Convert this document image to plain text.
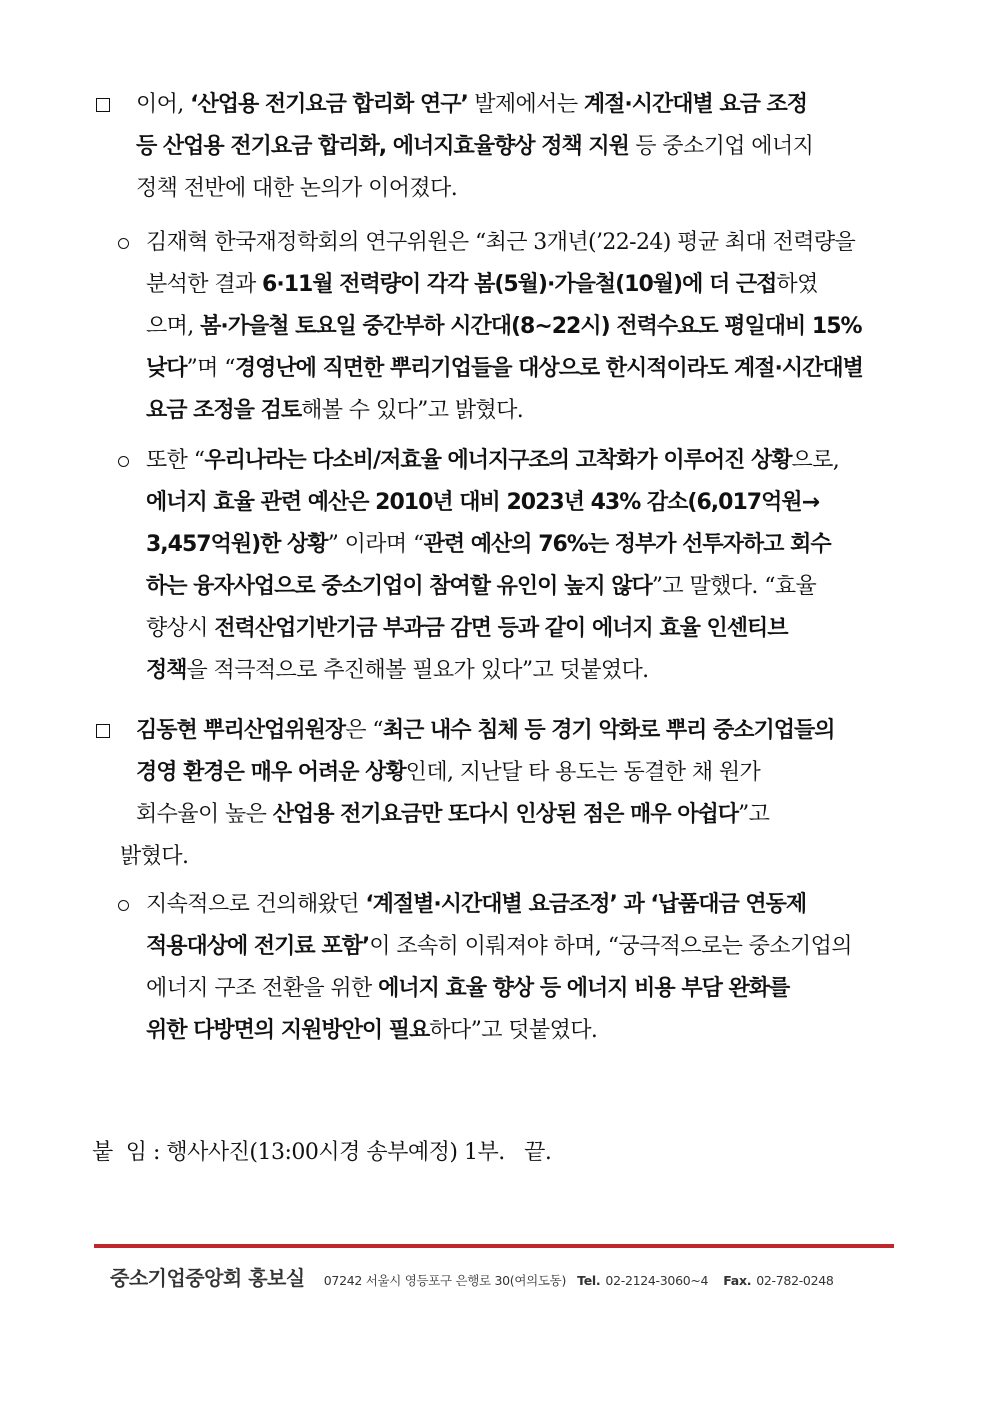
이어, ‘산업용 전기요금 합리화 연구’ 발제에서는 계절·시간대별 요금 조정
등 산업용 전기요금 합리화, 에너지효율향상 정책 지원 등 중소기업 에너지
정책 전반에 대한 논의가 이어졌다.
김재혁 한국재정학회의 연구위원은 “최근 3개년(’22-24) 평균 최대 전력량을
분석한 결과 6·11월 전력량이 각각 봄(5월)·가을철(10월)에 더 근접하였
으며, 봄·가을철 토요일 중간부하 시간대(8~22시) 전력수요도 평일대비 15%
낮다”며 “경영난에 직면한 뿌리기업들을 대상으로 한시적이라도 계절·시간대별
요금 조정을 검토해볼 수 있다”고 밝혔다.
또한 “우리나라는 다소비/저효율 에너지구조의 고착화가 이루어진 상황으로,
에너지 효율 관련 예산은 2010년 대비 2023년 43% 감소(6,017억원→
3,457억원)한 상황” 이라며 “관련 예산의 76%는 정부가 선투자하고 회수
하는 융자사업으로 중소기업이 참여할 유인이 높지 않다”고 말했다. “효율
향상시 전력산업기반기금 부과금 감면 등과 같이 에너지 효율 인센티브
정책을 적극적으로 추진해볼 필요가 있다”고 덧붙였다.
김동현 뿌리산업위원장은 “최근 내수 침체 등 경기 악화로 뿌리 중소기업들의
경영 환경은 매우 어려운 상황인데, 지난달 타 용도는 동결한 채 원가
회수율이 높은 산업용 전기요금만 또다시 인상된 점은 매우 아쉽다”고
밝혔다.
지속적으로 건의해왔던 ‘계절별·시간대별 요금조정’ 과 ‘납품대금 연동제
적용대상에 전기료 포함’이 조속히 이뤄져야 하며, “궁극적으로는 중소기업의
에너지 구조 전환을 위한 에너지 효율 향상 등 에너지 비용 부담 완화를
위한 다방면의 지원방안이 필요하다”고 덧붙였다.
붙  임 : 행사사진(13:00시경 송부예정) 1부.   끝.
중소기업중앙회 홍보실 07242 서울시 영등포구 은행로 30(여의도동) Tel. 02-2124-3060~4 Fax. 02-782-0248
